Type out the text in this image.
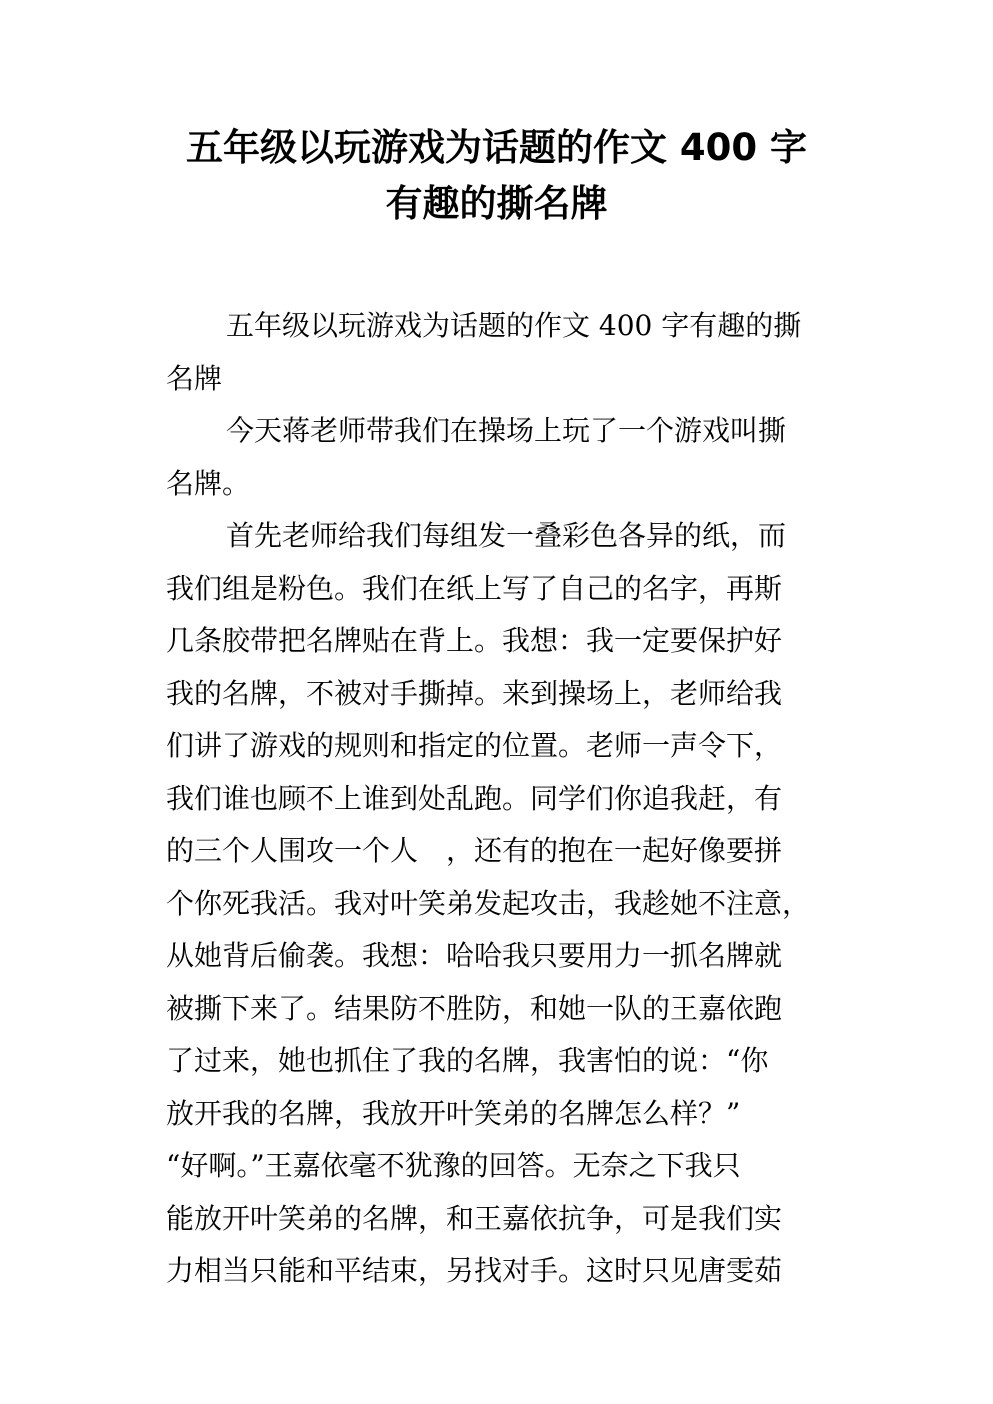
五年级以玩游戏为话题的作文 400 字
有趣的撕名牌
五年级以玩游戏为话题的作文 400 字有趣的撕
名牌
今天蒋老师带我们在操场上玩了一个游戏叫撕
名牌。
首先老师给我们每组发一叠彩色各异的纸，而
我们组是粉色。我们在纸上写了自己的名字，再斯
几条胶带把名牌贴在背上。我想：我一定要保护好
我的名牌，不被对手撕掉。来到操场上，老师给我
们讲了游戏的规则和指定的位置。老师一声令下，
我们谁也顾不上谁到处乱跑。同学们你追我赶，有
的三个人围攻一个人　，还有的抱在一起好像要拼
个你死我活。我对叶笑弟发起攻击，我趁她不注意，
从她背后偷袭。我想：哈哈我只要用力一抓名牌就
被撕下来了。结果防不胜防，和她一队的王嘉依跑
了过来，她也抓住了我的名牌，我害怕的说：“你
放开我的名牌，我放开叶笑弟的名牌怎么样？”
“好啊。”王嘉依毫不犹豫的回答。无奈之下我只
能放开叶笑弟的名牌，和王嘉依抗争，可是我们实
力相当只能和平结束，另找对手。这时只见唐雯茹
